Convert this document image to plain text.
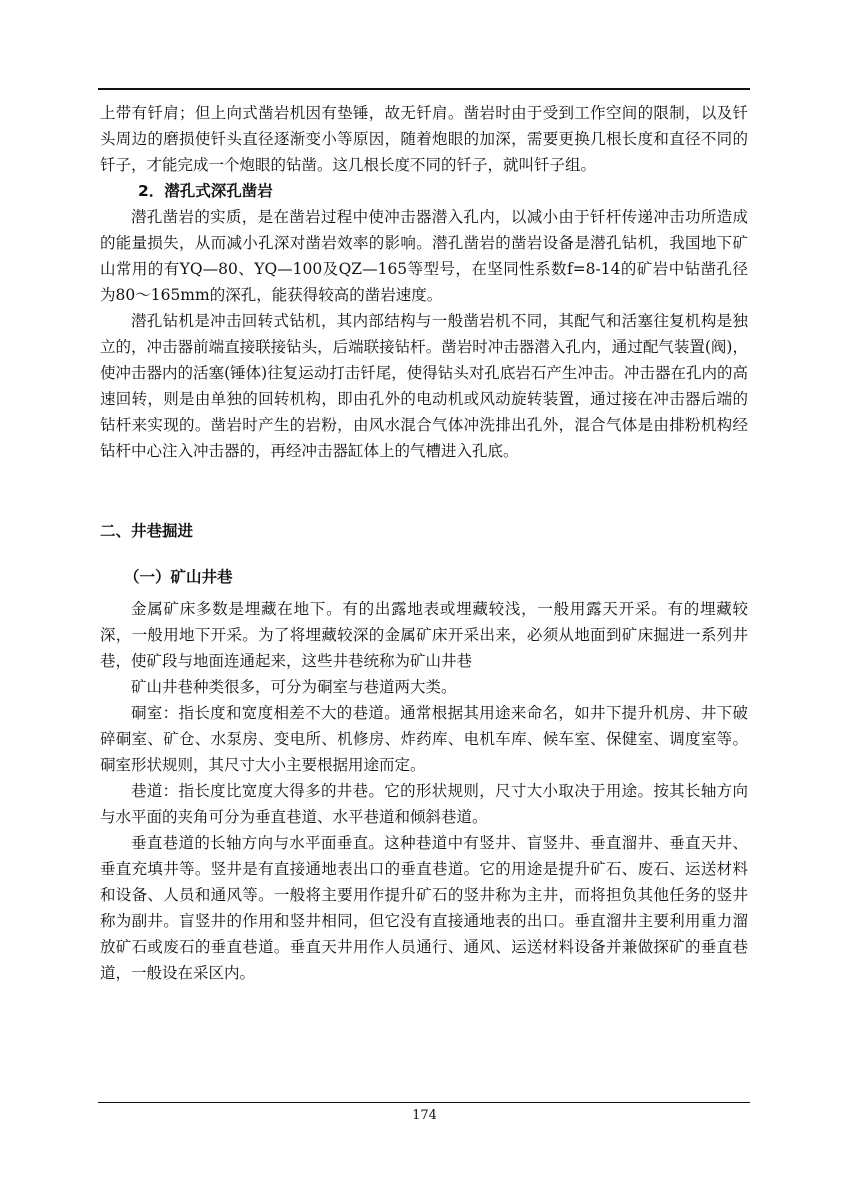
上带有钎肩；但上向式凿岩机因有垫锤，故无钎肩。凿岩时由于受到工作空间的限制，以及钎头周边的磨损使钎头直径逐渐变小等原因，随着炮眼的加深，需要更换几根长度和直径不同的钎子，才能完成一个炮眼的钻凿。这几根长度不同的钎子，就叫钎子组。

2．潜孔式深孔凿岩

潜孔凿岩的实质，是在凿岩过程中使冲击器潜入孔内，以减小由于钎杆传递冲击功所造成的能量损失，从而减小孔深对凿岩效率的影响。潜孔凿岩的凿岩设备是潜孔钻机，我国地下矿山常用的有YQ—80、YQ—100及QZ—165等型号，在坚同性系数f=8-14的矿岩中钻凿孔径为80～165mm的深孔，能获得较高的凿岩速度。

潜孔钻机是冲击回转式钻机，其内部结构与一般凿岩机不同，其配气和活塞往复机构是独立的，冲击器前端直接联接钻头，后端联接钻杆。凿岩时冲击器潜入孔内，通过配气装置(阀)，使冲击器内的活塞(锤体)往复运动打击钎尾，使得钻头对孔底岩石产生冲击。冲击器在孔内的高速回转，则是由单独的回转机构，即由孔外的电动机或风动旋转装置，通过接在冲击器后端的钻杆来实现的。凿岩时产生的岩粉，由风水混合气体冲洗排出孔外，混合气体是由排粉机构经钻杆中心注入冲击器的，再经冲击器缸体上的气槽进入孔底。

二、井巷掘进

（一）矿山井巷

金属矿床多数是埋藏在地下。有的出露地表或埋藏较浅，一般用露天开采。有的埋藏较深，一般用地下开采。为了将埋藏较深的金属矿床开采出来，必须从地面到矿床掘进一系列井巷，使矿段与地面连通起来，这些井巷统称为矿山井巷

矿山井巷种类很多，可分为硐室与巷道两大类。

硐室：指长度和宽度相差不大的巷道。通常根据其用途来命名，如井下提升机房、井下破碎硐室、矿仓、水泵房、变电所、机修房、炸药库、电机车库、候车室、保健室、调度室等。硐室形状规则，其尺寸大小主要根据用途而定。

巷道：指长度比宽度大得多的井巷。它的形状规则，尺寸大小取决于用途。按其长轴方向与水平面的夹角可分为垂直巷道、水平巷道和倾斜巷道。

垂直巷道的长轴方向与水平面垂直。这种巷道中有竖井、盲竖井、垂直溜井、垂直天井、垂直充填井等。竖井是有直接通地表出口的垂直巷道。它的用途是提升矿石、废石、运送材料和设备、人员和通风等。一般将主要用作提升矿石的竖井称为主井，而将担负其他任务的竖井称为副井。盲竖井的作用和竖井相同，但它没有直接通地表的出口。垂直溜井主要利用重力溜放矿石或废石的垂直巷道。垂直天井用作人员通行、通风、运送材料设备并兼做探矿的垂直巷道，一般设在采区内。

174
